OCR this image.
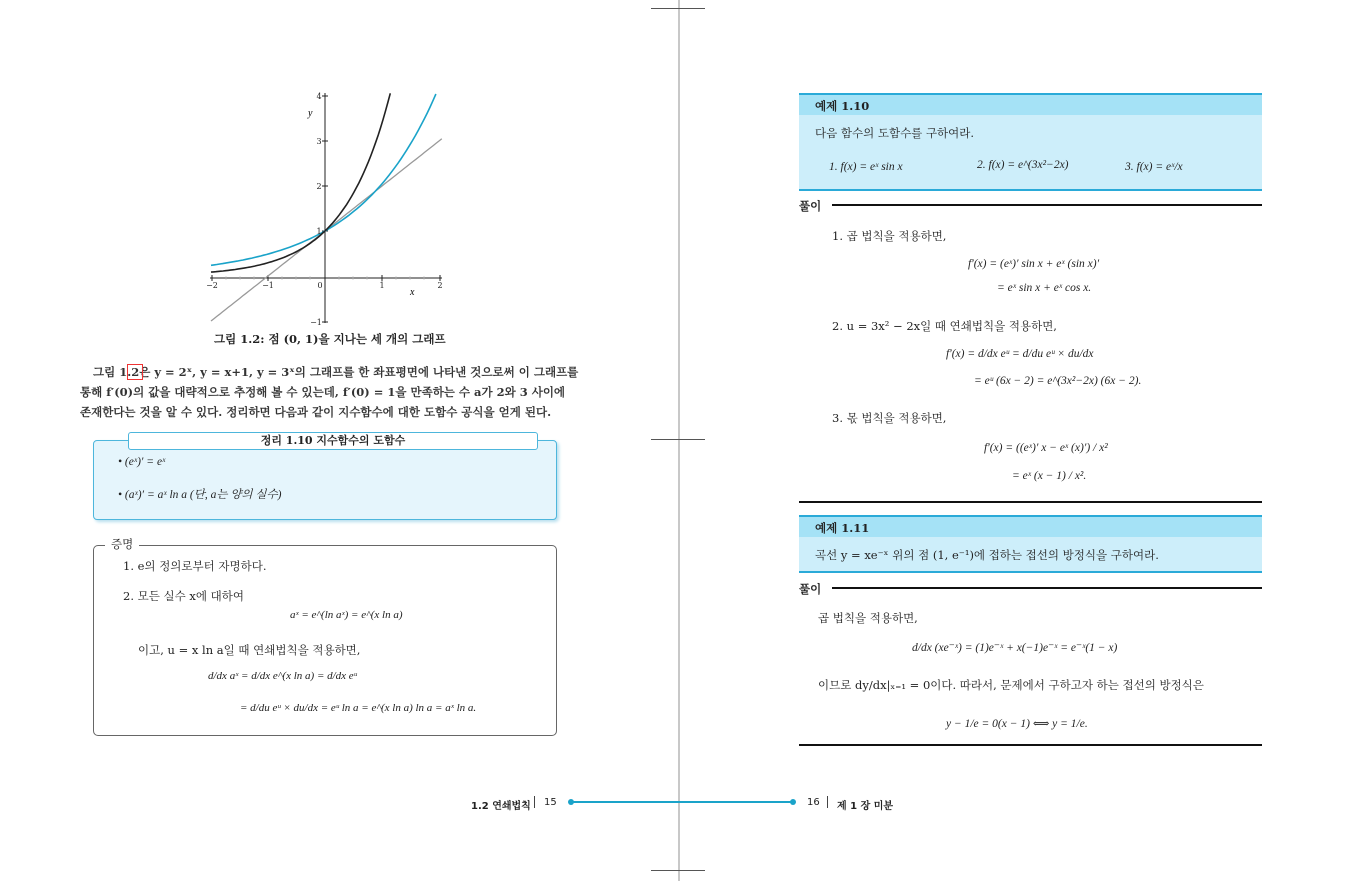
−2	−1	0	1	2
−1
1
2
3
4
y
x
그림 1.2: 점 (0, 1)을 지나는 세 개의 그래프
그림 1.2은 y = 2ˣ, y = x+1, y = 3ˣ의 그래프를 한 좌표평면에 나타낸 것으로써 이 그래프를
통해 f′(0)의 값을 대략적으로 추정해 볼 수 있는데, f′(0) = 1을 만족하는 수 a가 2와 3 사이에
존재한다는 것을 알 수 있다. 정리하면 다음과 같이 지수함수에 대한 도함수 공식을 얻게 된다.
정리 1.10 지수함수의 도함수
• (eˣ)′ = eˣ
• (aˣ)′ = aˣ ln a (단, a는 양의 실수)
증명
1. e의 정의로부터 자명하다.
2. 모든 실수 x에 대하여
aˣ = e^(ln aˣ) = e^(x ln a)
이고, u = x ln a일 때 연쇄법칙을 적용하면,
d/dx aˣ = d/dx e^(x ln a) = d/dx eᵘ
= d/du eᵘ × du/dx = eᵘ ln a = e^(x ln a) ln a = aˣ ln a.
예제 1.10
다음 함수의 도함수를 구하여라.
1. f(x) = eˣ sin x	2. f(x) = e^(3x²−2x)	3. f(x) = eˣ/x
풀이
1. 곱 법칙을 적용하면,
f′(x) = (eˣ)′ sin x + eˣ (sin x)′
= eˣ sin x + eˣ cos x.
2. u = 3x² − 2x일 때 연쇄법칙을 적용하면,
f′(x) = d/dx eᵘ = d/du eᵘ × du/dx
= eᵘ (6x − 2) = e^(3x²−2x) (6x − 2).
3. 몫 법칙을 적용하면,
f′(x) = ((eˣ)′ x − eˣ (x)′) / x²
= eˣ (x − 1) / x².
예제 1.11
곡선 y = xe⁻ˣ 위의 점 (1, e⁻¹)에 접하는 접선의 방정식을 구하여라.
풀이
곱 법칙을 적용하면,
d/dx (xe⁻ˣ) = (1)e⁻ˣ + x(−1)e⁻ˣ = e⁻ˣ(1 − x)
이므로 dy/dx|ₓ₌₁ = 0이다. 따라서, 문제에서 구하고자 하는 접선의 방정식은
y − 1/e = 0(x − 1) ⟺ y = 1/e.
1.2 연쇄법칙 15	16 제 1 장 미분
